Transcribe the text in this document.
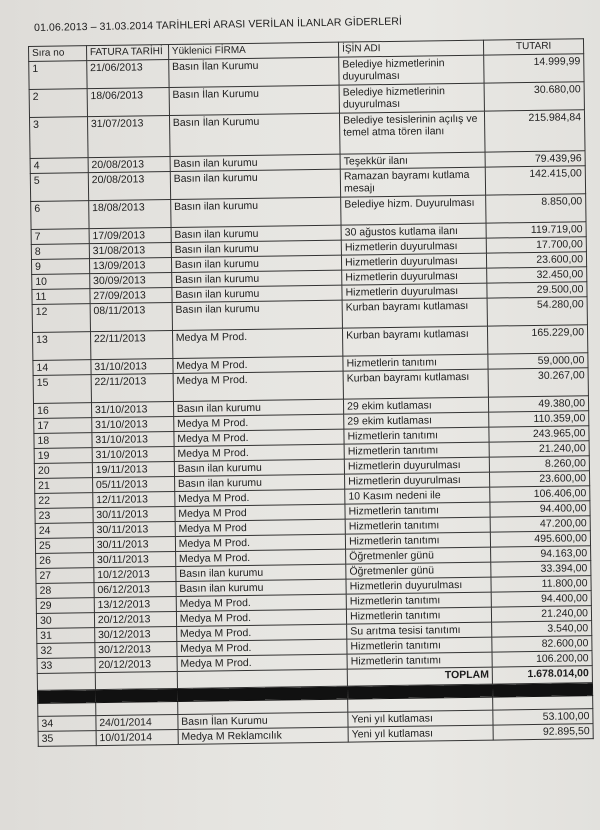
01.06.2013 – 31.03.2014 TARİHLERİ ARASI VERİLAN İLANLAR GİDERLERİ
Sıra no	FATURA TARİHİ	Yüklenici FİRMA	İŞİN ADI	TUTARI
1	21/06/2013	Basın İlan Kurumu	Belediye hizmetlerinin duyurulması	14.999,99
2	18/06/2013	Basın İlan Kurumu	Belediye hizmetlerinin duyurulması	30.680,00
3	31/07/2013	Basın İlan Kurumu	Belediye tesislerinin açılış ve temel atma tören ilanı	215.984,84
4	20/08/2013	Basın ilan kurumu	Teşekkür ilanı	79.439,96
5	20/08/2013	Basın ilan kurumu	Ramazan bayramı kutlama mesajı	142.415,00
6	18/08/2013	Basın ilan kurumu	Belediye hizm. Duyurulması	8.850,00
7	17/09/2013	Basın ilan kurumu	30 ağustos kutlama ilanı	119.719,00
8	31/08/2013	Basın ilan kurumu	Hizmetlerin duyurulması	17.700,00
9	13/09/2013	Basın ilan kurumu	Hizmetlerin duyurulması	23.600,00
10	30/09/2013	Basın ilan kurumu	Hizmetlerin duyurulması	32.450,00
11	27/09/2013	Basın ilan kurumu	Hizmetlerin duyurulması	29.500,00
12	08/11/2013	Basın ilan kurumu	Kurban bayramı kutlaması	54.280,00
13	22/11/2013	Medya M Prod.	Kurban bayramı kutlaması	165.229,00
14	31/10/2013	Medya M Prod.	Hizmetlerin tanıtımı	59,000,00
15	22/11/2013	Medya M Prod.	Kurban bayramı kutlaması	30.267,00
16	31/10/2013	Basın ilan kurumu	29 ekim kutlaması	49.380,00
17	31/10/2013	Medya M Prod.	29 ekim kutlaması	110.359,00
18	31/10/2013	Medya M Prod.	Hizmetlerin tanıtımı	243.965,00
19	31/10/2013	Medya M Prod.	Hizmetlerin tanıtımı	21.240,00
20	19/11/2013	Basın ilan kurumu	Hizmetlerin duyurulması	8.260,00
21	05/11/2013	Basın ilan kurumu	Hizmetlerin duyurulması	23.600,00
22	12/11/2013	Medya M Prod.	10 Kasım nedeni ile	106.406,00
23	30/11/2013	Medya M Prod	Hizmetlerin tanıtımı	94.400,00
24	30/11/2013	Medya M Prod	Hizmetlerin tanıtımı	47.200,00
25	30/11/2013	Medya M Prod.	Hizmetlerin tanıtımı	495.600,00
26	30/11/2013	Medya M Prod.	Öğretmenler günü	94.163,00
27	10/12/2013	Basın ilan kurumu	Öğretmenler günü	33.394,00
28	06/12/2013	Basın ilan kurumu	Hizmetlerin duyurulması	11.800,00
29	13/12/2013	Medya M Prod.	Hizmetlerin tanıtımı	94.400,00
30	20/12/2013	Medya M Prod.	Hizmetlerin tanıtımı	21.240,00
31	30/12/2013	Medya M Prod.	Su arıtma tesisi tanıtımı	3.540,00
32	30/12/2013	Medya M Prod.	Hizmetlerin tanıtımı	82.600,00
33	20/12/2013	Medya M Prod.	Hizmetlerin tanıtımı	106.200,00
			TOPLAM	1.678.014,00

34	24/01/2014	Basın İlan Kurumu	Yeni yıl kutlaması	53.100,00
35	10/01/2014	Medya M Reklamcılık	Yeni yıl kutlaması	92.895,50
